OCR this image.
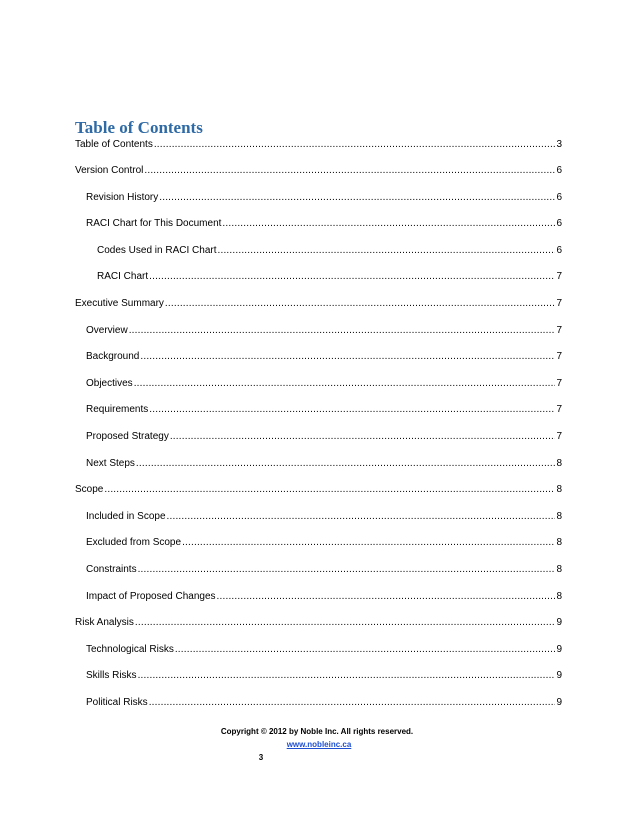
Table of Contents
Table of Contents .....	3
Version Control .....	6
Revision History .....	6
RACI Chart for This Document .....	6
Codes Used in RACI Chart .....	6
RACI Chart .....	7
Executive Summary .....	7
Overview .....	7
Background .....	7
Objectives .....	7
Requirements .....	7
Proposed Strategy .....	7
Next Steps .....	8
Scope .....	8
Included in Scope .....	8
Excluded from Scope .....	8
Constraints .....	8
Impact of Proposed Changes .....	8
Risk Analysis .....	9
Technological Risks .....	9
Skills Risks .....	9
Political Risks .....	9
Copyright © 2012 by Noble Inc. All rights reserved.
www.nobleinc.ca
3
